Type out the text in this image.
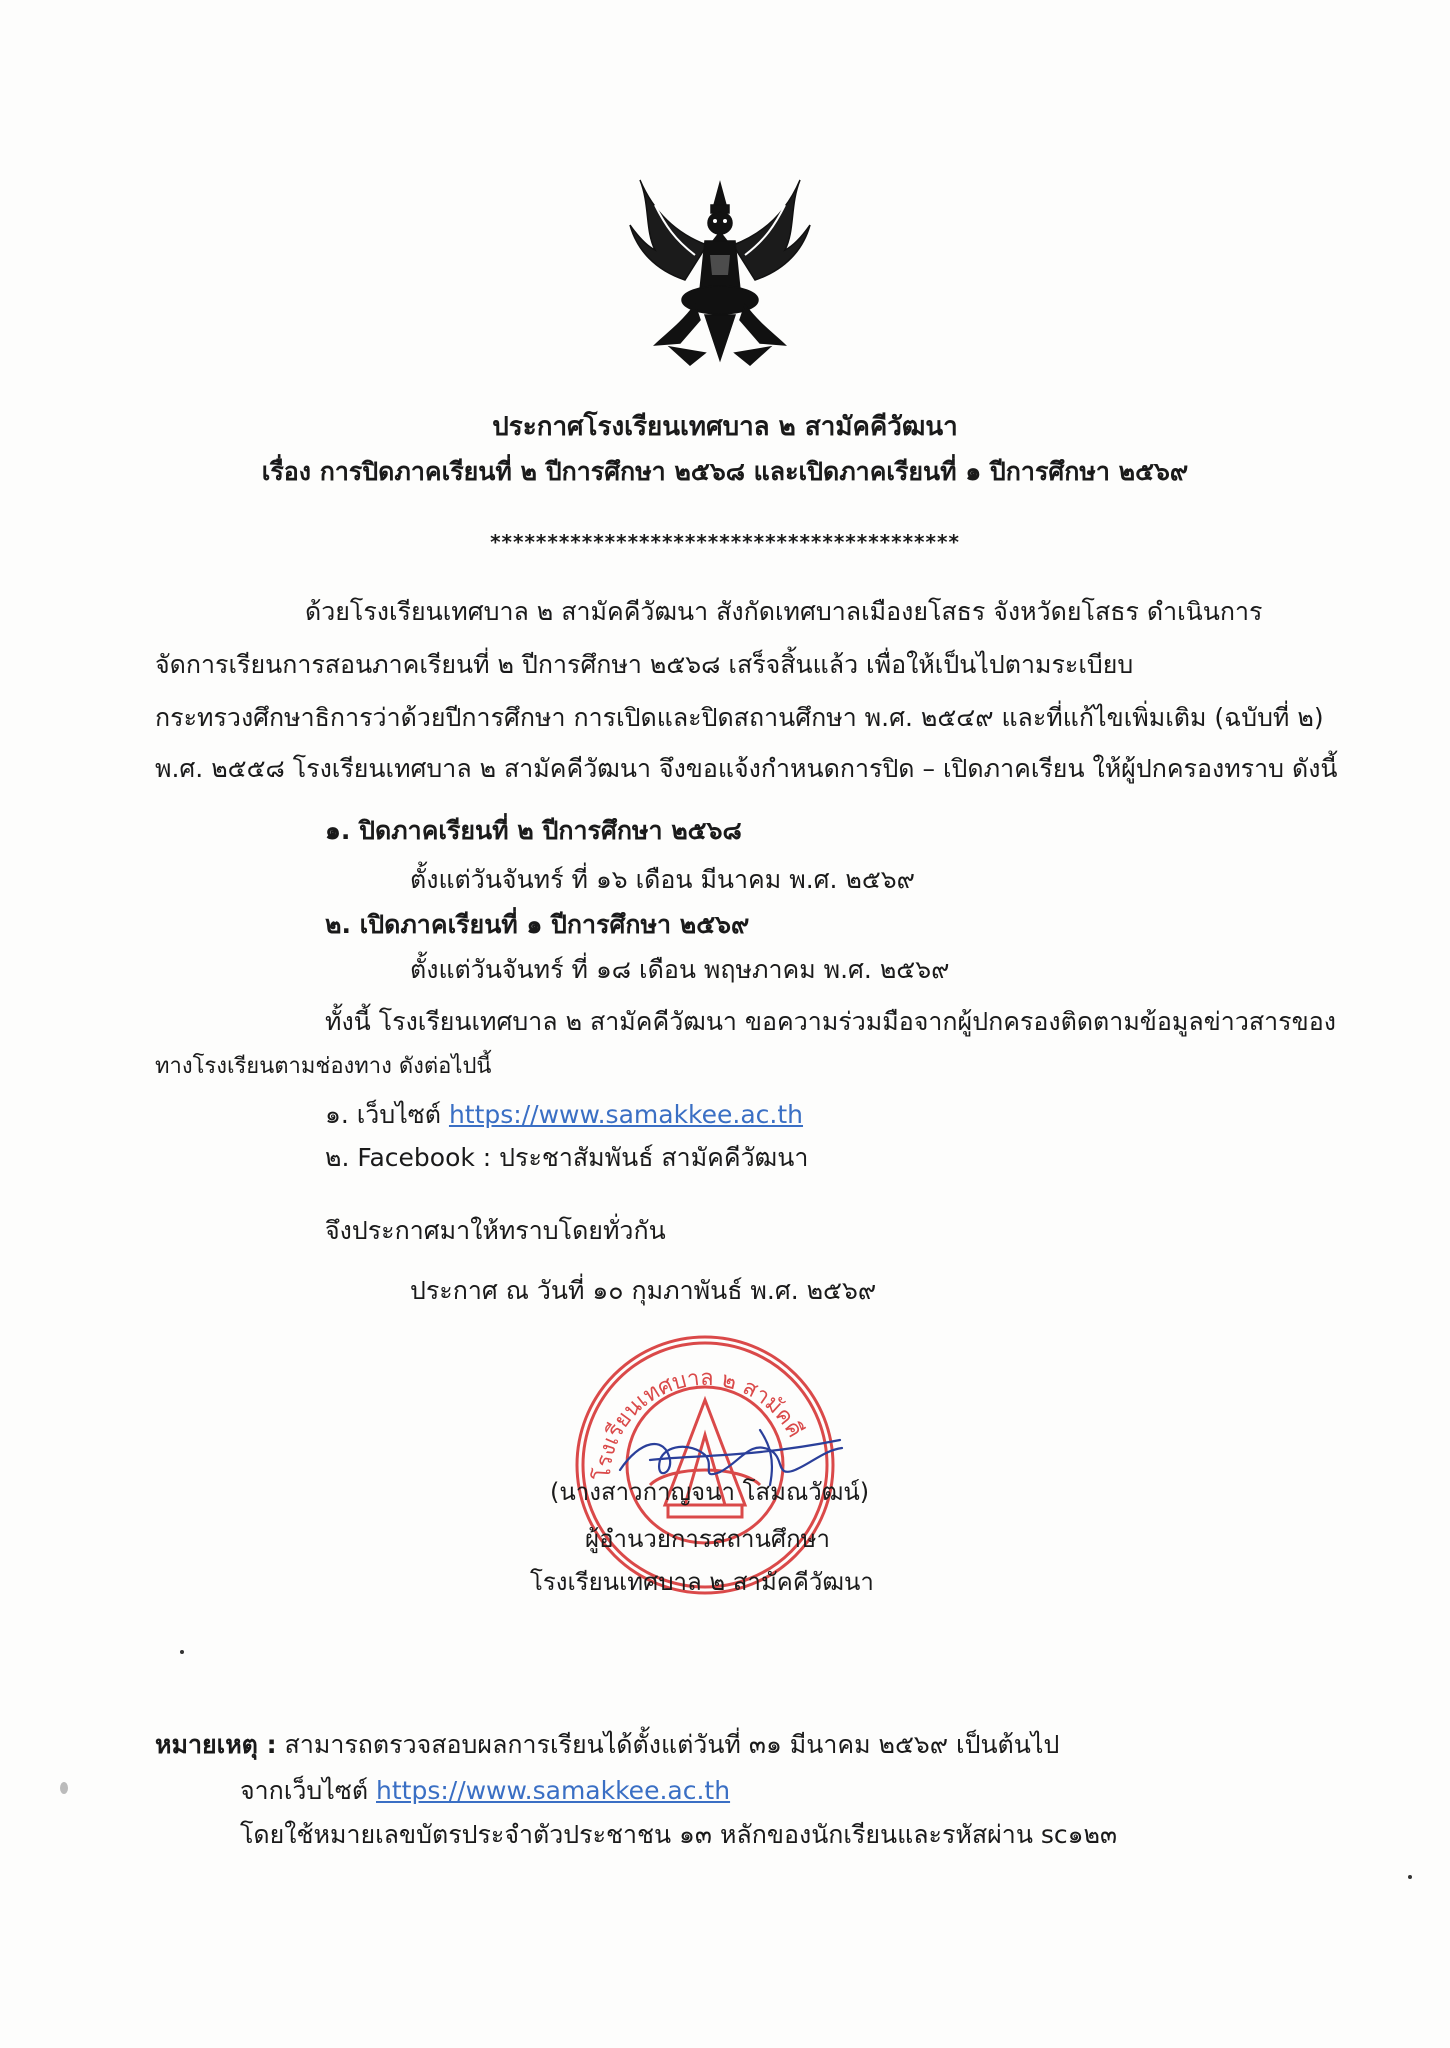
ประกาศโรงเรียนเทศบาล ๒ สามัคคีวัฒนา
เรื่อง การปิดภาคเรียนที่ ๒ ปีการศึกษา ๒๕๖๘ และเปิดภาคเรียนที่ ๑ ปีการศึกษา ๒๕๖๙
*****************************************
ด้วยโรงเรียนเทศบาล ๒ สามัคคีวัฒนา สังกัดเทศบาลเมืองยโสธร จังหวัดยโสธร ดำเนินการ
จัดการเรียนการสอนภาคเรียนที่ ๒ ปีการศึกษา ๒๕๖๘ เสร็จสิ้นแล้ว เพื่อให้เป็นไปตามระเบียบ
กระทรวงศึกษาธิการว่าด้วยปีการศึกษา การเปิดและปิดสถานศึกษา พ.ศ. ๒๕๔๙ และที่แก้ไขเพิ่มเติม (ฉบับที่ ๒)
พ.ศ. ๒๕๕๘ โรงเรียนเทศบาล ๒ สามัคคีวัฒนา จึงขอแจ้งกำหนดการปิด – เปิดภาคเรียน ให้ผู้ปกครองทราบ ดังนี้
๑. ปิดภาคเรียนที่ ๒ ปีการศึกษา ๒๕๖๘
ตั้งแต่วันจันทร์ ที่ ๑๖ เดือน มีนาคม พ.ศ. ๒๕๖๙
๒. เปิดภาคเรียนที่ ๑ ปีการศึกษา ๒๕๖๙
ตั้งแต่วันจันทร์ ที่ ๑๘ เดือน พฤษภาคม พ.ศ. ๒๕๖๙
ทั้งนี้ โรงเรียนเทศบาล ๒ สามัคคีวัฒนา ขอความร่วมมือจากผู้ปกครองติดตามข้อมูลข่าวสารของ
ทางโรงเรียนตามช่องทาง ดังต่อไปนี้
๑. เว็บไซต์ https://www.samakkee.ac.th
๒. Facebook : ประชาสัมพันธ์ สามัคคีวัฒนา
จึงประกาศมาให้ทราบโดยทั่วกัน
ประกาศ ณ วันที่ ๑๐ กุมภาพันธ์ พ.ศ. ๒๕๖๙
โรงเรียนเทศบาล ๒ สามัคคี
(นางสาวกาญจนา โสมณวัฒน์)
ผู้อำนวยการสถานศึกษา
โรงเรียนเทศบาล ๒ สามัคคีวัฒนา
หมายเหตุ : สามารถตรวจสอบผลการเรียนได้ตั้งแต่วันที่ ๓๑ มีนาคม ๒๕๖๙ เป็นต้นไป
จากเว็บไซต์ https://www.samakkee.ac.th
โดยใช้หมายเลขบัตรประจำตัวประชาชน ๑๓ หลักของนักเรียนและรหัสผ่าน sc๑๒๓
